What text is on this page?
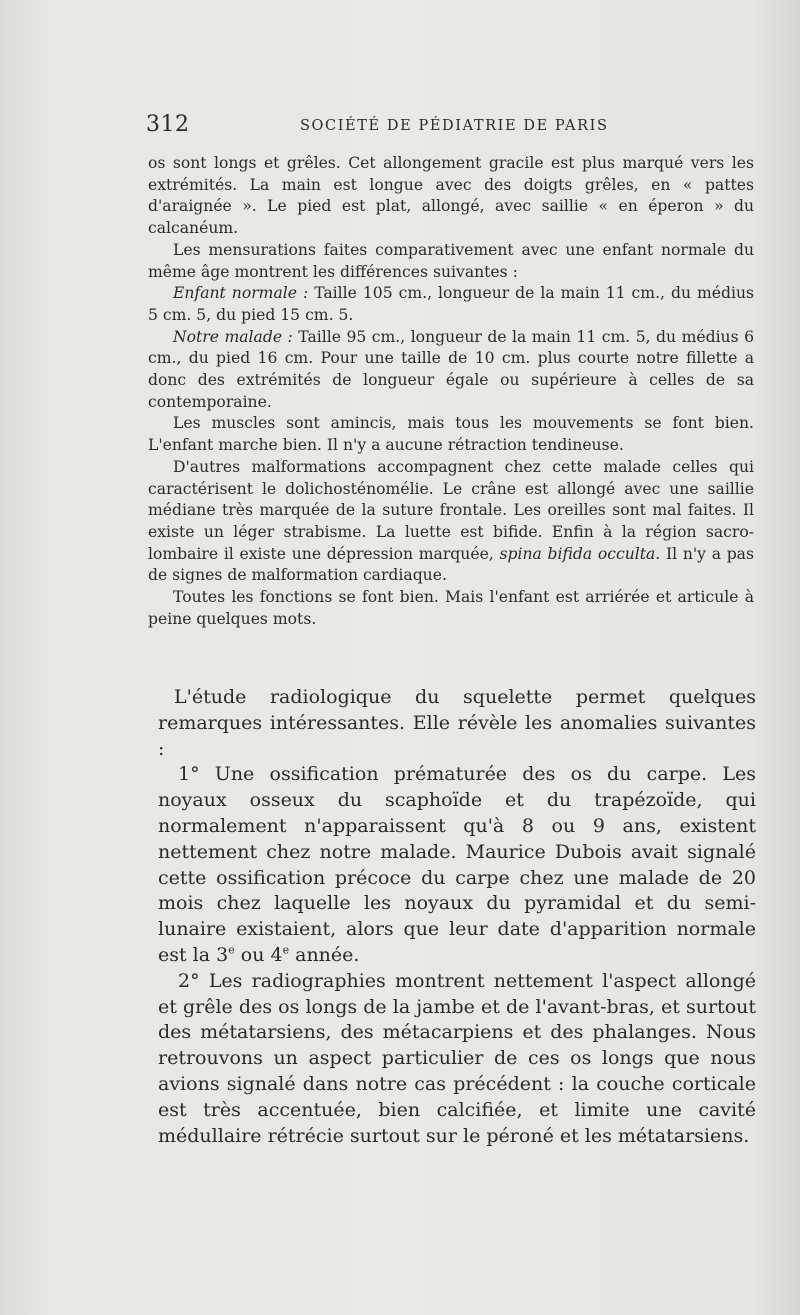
312	SOCIÉTÉ DE PÉDIATRIE DE PARIS

os sont longs et grêles. Cet allongement gracile est plus marqué vers les extrémités. La main est longue avec des doigts grêles, en « pattes d'araignée ». Le pied est plat, allongé, avec saillie « en éperon » du calcanéum.

Les mensurations faites comparativement avec une enfant normale du même âge montrent les différences suivantes :

Enfant normale : Taille 105 cm., longueur de la main 11 cm., du médius 5 cm. 5, du pied 15 cm. 5.

Notre malade : Taille 95 cm., longueur de la main 11 cm. 5, du médius 6 cm., du pied 16 cm. Pour une taille de 10 cm. plus courte notre fillette a donc des extrémités de longueur égale ou supérieure à celles de sa contemporaine.

Les muscles sont amincis, mais tous les mouvements se font bien. L'enfant marche bien. Il n'y a aucune rétraction tendineuse.

D'autres malformations accompagnent chez cette malade celles qui caractérisent le dolichosténomélie. Le crâne est allongé avec une saillie médiane très marquée de la suture frontale. Les oreilles sont mal faites. Il existe un léger strabisme. La luette est bifide. Enfin à la région sacro-lombaire il existe une dépression marquée, spina bifida occulta. Il n'y a pas de signes de malformation cardiaque.

Toutes les fonctions se font bien. Mais l'enfant est arriérée et articule à peine quelques mots.

L'étude radiologique du squelette permet quelques remarques intéressantes. Elle révèle les anomalies suivantes :

1° Une ossification prématurée des os du carpe. Les noyaux osseux du scaphoïde et du trapézoïde, qui normalement n'apparaissent qu'à 8 ou 9 ans, existent nettement chez notre malade. Maurice Dubois avait signalé cette ossification précoce du carpe chez une malade de 20 mois chez laquelle les noyaux du pyramidal et du semi-lunaire existaient, alors que leur date d'apparition normale est la 3e ou 4e année.

2° Les radiographies montrent nettement l'aspect allongé et grêle des os longs de la jambe et de l'avant-bras, et surtout des métatarsiens, des métacarpiens et des phalanges. Nous retrouvons un aspect particulier de ces os longs que nous avions signalé dans notre cas précédent : la couche corticale est très accentuée, bien calcifiée, et limite une cavité médullaire rétrécie surtout sur le péroné et les métatarsiens.
